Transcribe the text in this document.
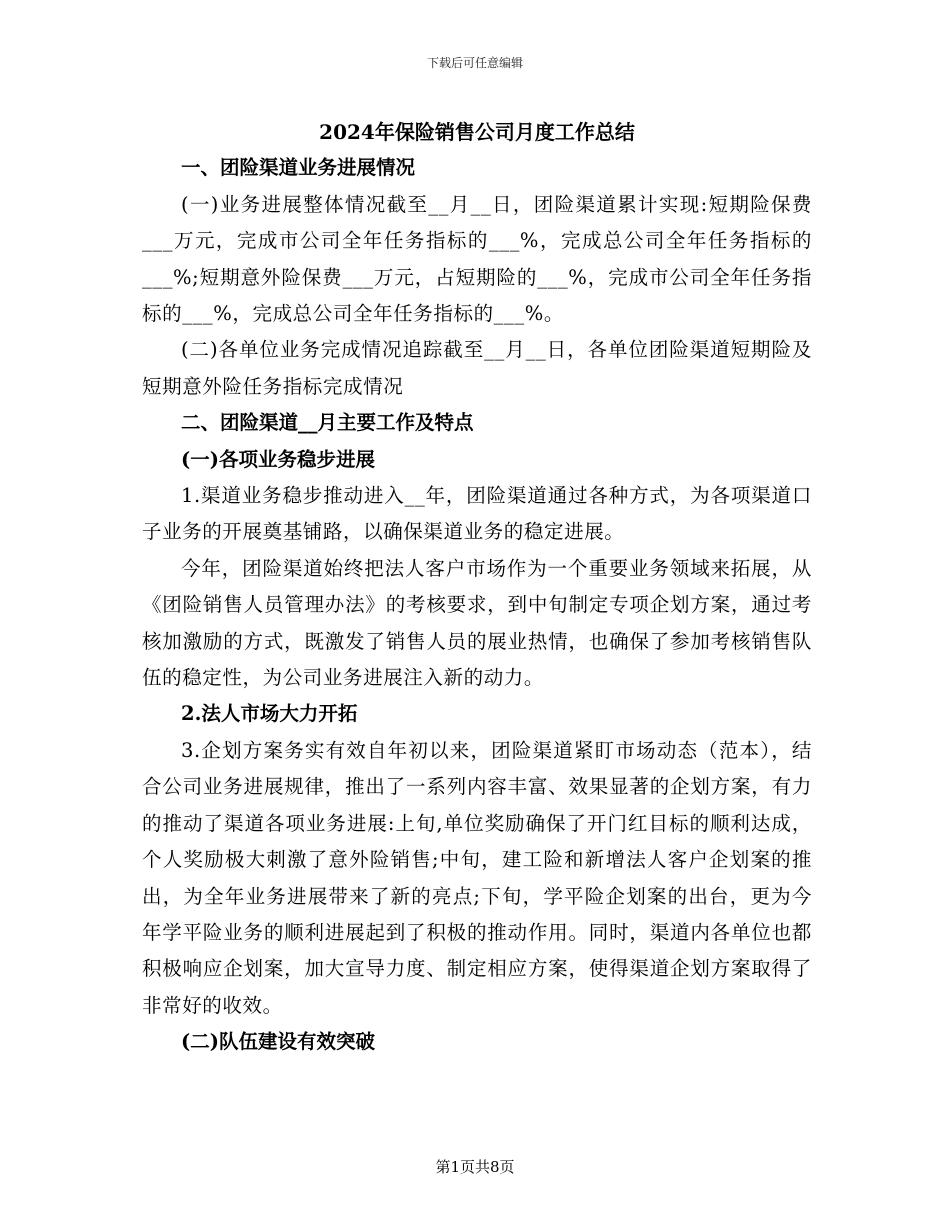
下载后可任意编辑

2024年保险销售公司月度工作总结

一、团险渠道业务进展情况

(一)业务进展整体情况截至__月__日，团险渠道累计实现:短期险保费___万元，完成市公司全年任务指标的___%，完成总公司全年任务指标的___%;短期意外险保费___万元，占短期险的___%，完成市公司全年任务指标的___%，完成总公司全年任务指标的___%。

(二)各单位业务完成情况追踪截至__月__日，各单位团险渠道短期险及短期意外险任务指标完成情况

二、团险渠道__月主要工作及特点

(一)各项业务稳步进展

1.渠道业务稳步推动进入__年，团险渠道通过各种方式，为各项渠道口子业务的开展奠基铺路，以确保渠道业务的稳定进展。

今年，团险渠道始终把法人客户市场作为一个重要业务领域来拓展，从《团险销售人员管理办法》的考核要求，到中旬制定专项企划方案，通过考核加激励的方式，既激发了销售人员的展业热情，也确保了参加考核销售队伍的稳定性，为公司业务进展注入新的动力。

2.法人市场大力开拓

3.企划方案务实有效自年初以来，团险渠道紧盯市场动态（范本），结合公司业务进展规律，推出了一系列内容丰富、效果显著的企划方案，有力的推动了渠道各项业务进展:上旬,单位奖励确保了开门红目标的顺利达成，个人奖励极大刺激了意外险销售;中旬，建工险和新增法人客户企划案的推出，为全年业务进展带来了新的亮点;下旬，学平险企划案的出台，更为今年学平险业务的顺利进展起到了积极的推动作用。同时，渠道内各单位也都积极响应企划案，加大宣导力度、制定相应方案，使得渠道企划方案取得了非常好的收效。

(二)队伍建设有效突破

第1页共8页
